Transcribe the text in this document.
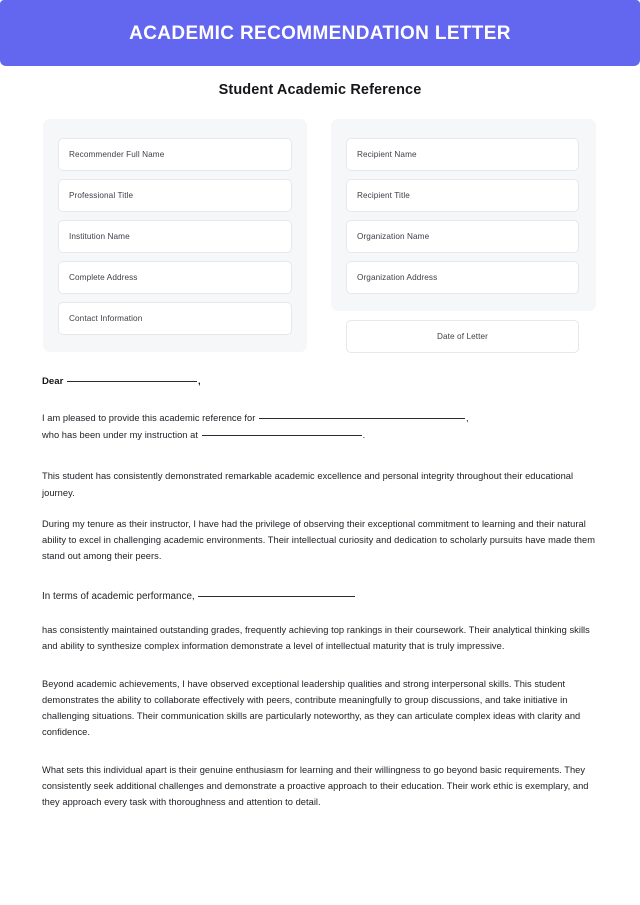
ACADEMIC RECOMMENDATION LETTER
Student Academic Reference
Recommender Full Name
Professional Title
Institution Name
Complete Address
Contact Information
Recipient Name
Recipient Title
Organization Name
Organization Address
Date of Letter
Dear	,

I am pleased to provide this academic reference for	,
who has been under my instruction at	.

This student has consistently demonstrated remarkable academic excellence and personal integrity throughout their educational journey.

During my tenure as their instructor, I have had the privilege of observing their exceptional commitment to learning and their natural ability to excel in challenging academic environments. Their intellectual curiosity and dedication to scholarly pursuits have made them stand out among their peers.

In terms of academic performance,

has consistently maintained outstanding grades, frequently achieving top rankings in their coursework. Their analytical thinking skills and ability to synthesize complex information demonstrate a level of intellectual maturity that is truly impressive.

Beyond academic achievements, I have observed exceptional leadership qualities and strong interpersonal skills. This student demonstrates the ability to collaborate effectively with peers, contribute meaningfully to group discussions, and take initiative in challenging situations. Their communication skills are particularly noteworthy, as they can articulate complex ideas with clarity and confidence.

What sets this individual apart is their genuine enthusiasm for learning and their willingness to go beyond basic requirements. They consistently seek additional challenges and demonstrate a proactive approach to their education. Their work ethic is exemplary, and they approach every task with thoroughness and attention to detail.
